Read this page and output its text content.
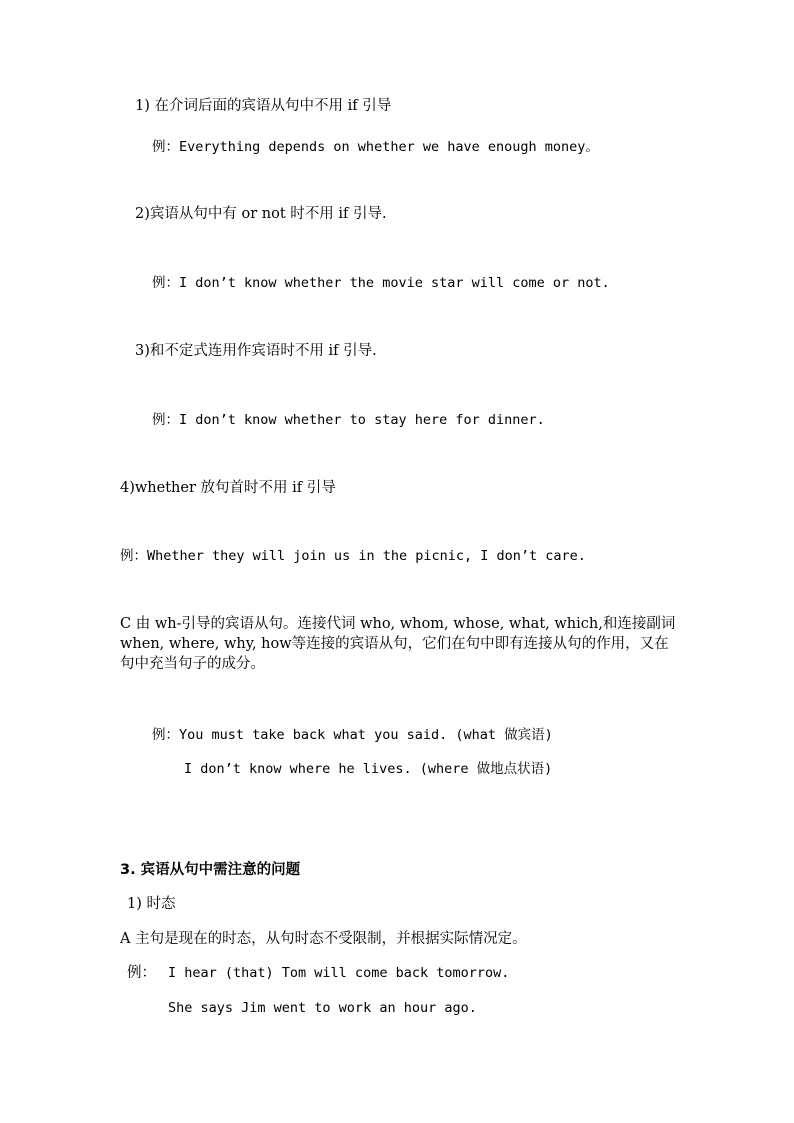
1) 在介词后面的宾语从句中不用 if 引导
例：Everything depends on whether we have enough money。
2)宾语从句中有 or not 时不用 if 引导.
例：I don’t know whether the movie star will come or not.
3)和不定式连用作宾语时不用 if 引导.
例：I don’t know whether to stay here for dinner.
4)whether 放句首时不用 if 引导
例：Whether they will join us in the picnic, I don’t care.
C 由 wh-引导的宾语从句。连接代词 who, whom, whose, what, which,和连接副词 when, where, why, how等连接的宾语从句，它们在句中即有连接从句的作用，又在句中充当句子的成分。
例：You must take back what you said. (what 做宾语)
I don’t know where he lives. (where 做地点状语)
3. 宾语从句中需注意的问题
1) 时态
A 主句是现在的时态，从句时态不受限制，并根据实际情况定。
例： I hear (that) Tom will come back tomorrow.
She says Jim went to work an hour ago.
